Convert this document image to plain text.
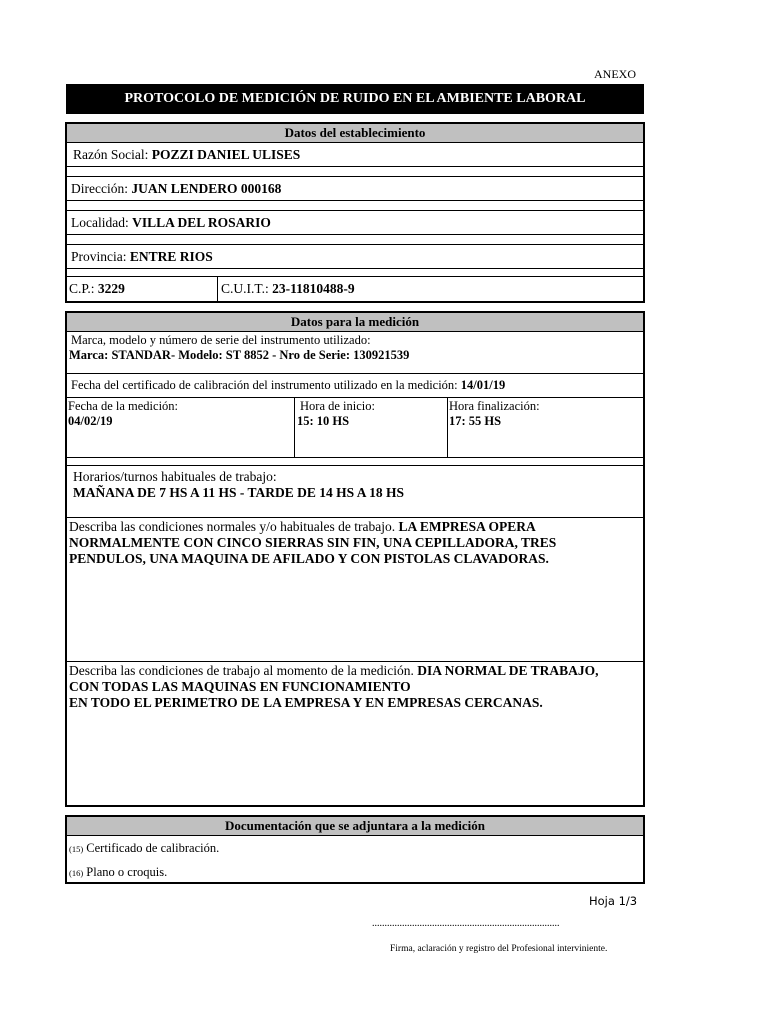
ANEXO
PROTOCOLO DE MEDICIÓN DE RUIDO EN EL AMBIENTE LABORAL
Datos del establecimiento
Razón Social: POZZI DANIEL ULISES
Dirección: JUAN LENDERO 000168
Localidad: VILLA DEL ROSARIO
Provincia: ENTRE RIOS
C.P.: 3229	C.U.I.T.: 23-11810488-9
Datos para la medición
Marca, modelo y número de serie del instrumento utilizado:
Marca: STANDAR- Modelo: ST 8852 - Nro de Serie: 130921539
Fecha del certificado de calibración del instrumento utilizado en la medición: 14/01/19
Fecha de la medición:
04/02/19
Hora de inicio:
15: 10 HS
Hora finalización:
17: 55 HS
Horarios/turnos habituales de trabajo:
MAÑANA DE 7 HS A 11 HS - TARDE DE 14 HS A 18 HS
Describa las condiciones normales y/o habituales de trabajo. LA EMPRESA OPERA NORMALMENTE CON CINCO SIERRAS SIN FIN, UNA CEPILLADORA, TRES PENDULOS, UNA MAQUINA DE AFILADO Y CON PISTOLAS CLAVADORAS.
Describa las condiciones de trabajo al momento de la medición. DIA NORMAL DE TRABAJO, CON TODAS LAS MAQUINAS EN FUNCIONAMIENTO
EN TODO EL PERIMETRO DE LA EMPRESA Y EN EMPRESAS CERCANAS.
Documentación que se adjuntara a la medición
(15) Certificado de calibración.
(16) Plano o croquis.
Hoja 1/3
...........................................................................
Firma, aclaración y registro del Profesional interviniente.
